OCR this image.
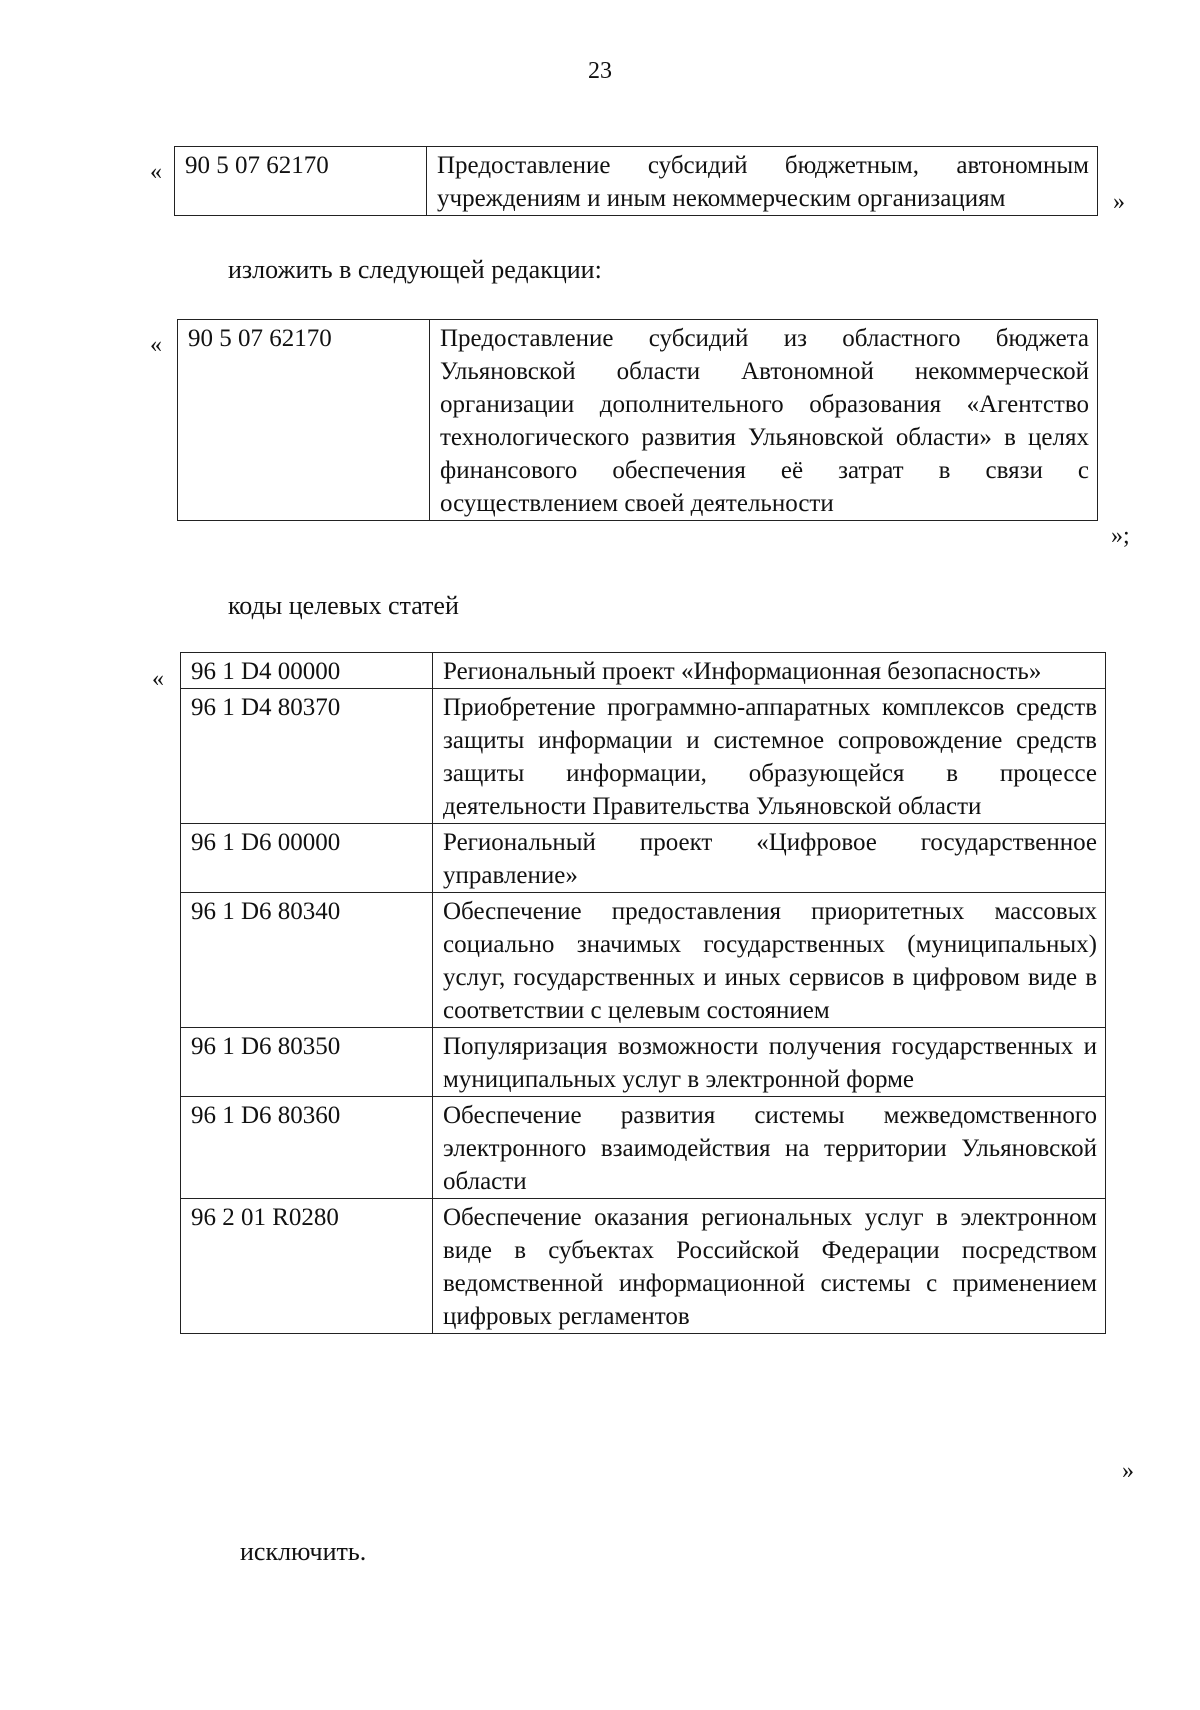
23
« 90 5 07 62170	Предоставление субсидий бюджетным, автономным учреждениям и иным некоммерческим организациям	»
изложить в следующей редакции:
« 90 5 07 62170	Предоставление субсидий из областного бюджета Ульяновской области Автономной некоммерческой организации дополнительного образования «Агентство технологического развития Ульяновской области» в целях финансового обеспечения её затрат в связи с осуществлением своей деятельности
»;
коды целевых статей
« 96 1 D4 00000	Региональный проект «Информационная безопасность»
96 1 D4 80370	Приобретение программно-аппаратных комплексов средств защиты информации и системное сопровождение средств защиты информации, образующейся в процессе деятельности Правительства Ульяновской области
96 1 D6 00000	Региональный проект «Цифровое государственное управление»
96 1 D6 80340	Обеспечение предоставления приоритетных массовых социально значимых государственных (муниципальных) услуг, государственных и иных сервисов в цифровом виде в соответствии с целевым состоянием
96 1 D6 80350	Популяризация возможности получения государственных и муниципальных услуг в электронной форме
96 1 D6 80360	Обеспечение развития системы межведомственного электронного взаимодействия на территории Ульяновской области
96 2 01 R0280	Обеспечение оказания региональных услуг в электронном виде в субъектах Российской Федерации посредством ведомственной информационной системы с применением цифровых регламентов
»
исключить.
